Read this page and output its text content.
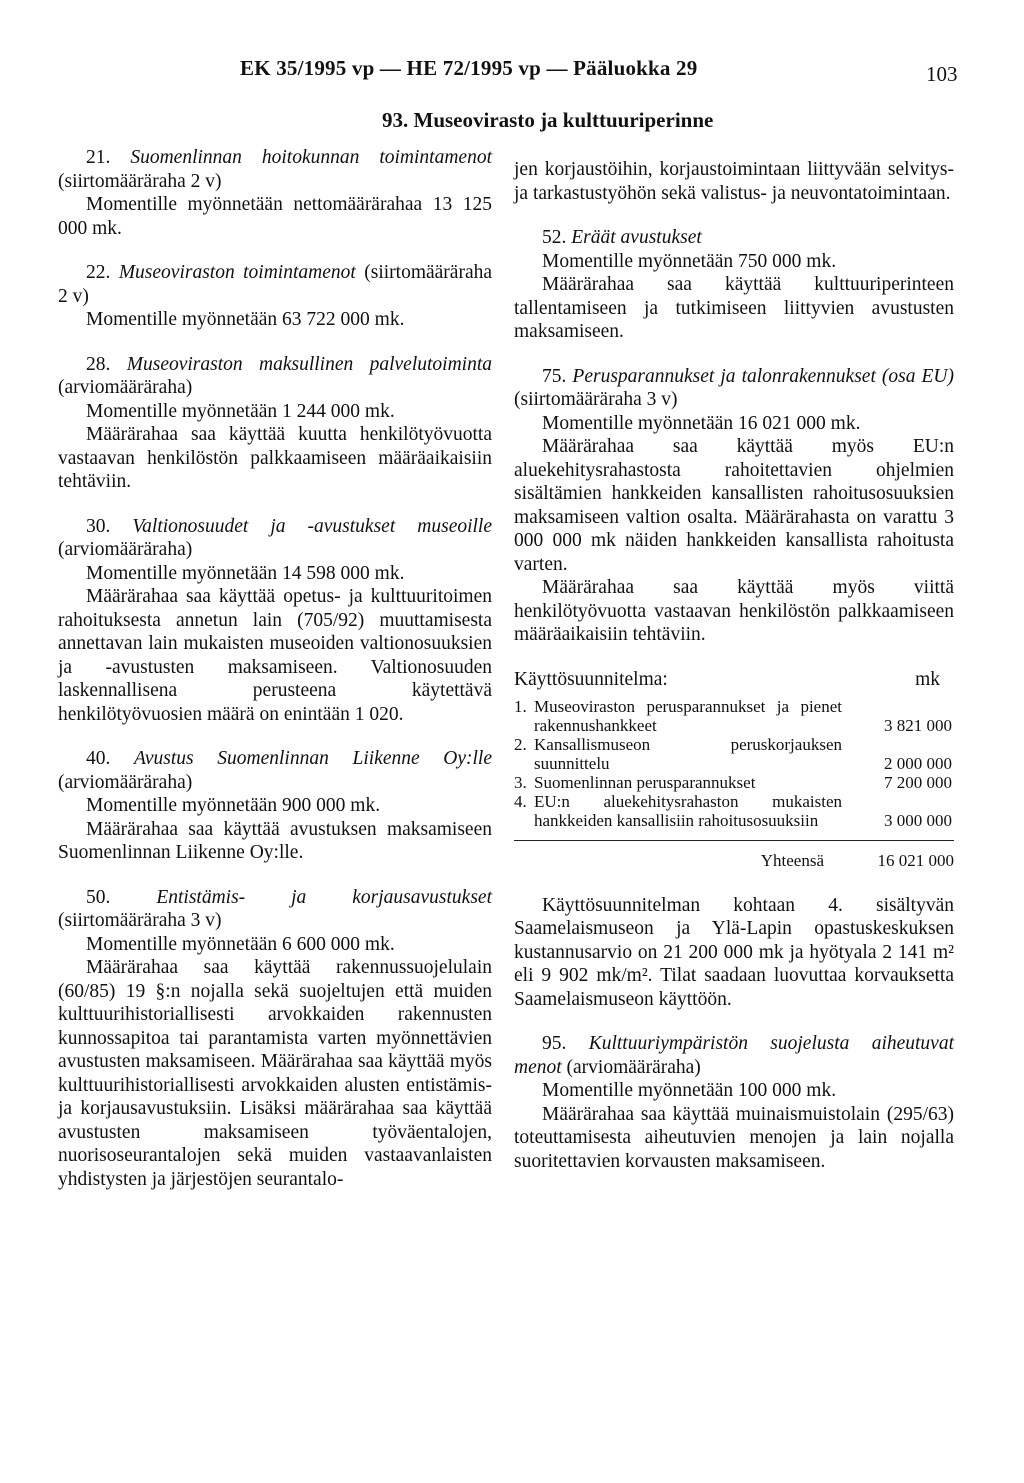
EK 35/1995 vp — HE 72/1995 vp — Pääluokka 29	103
93. Museovirasto ja kulttuuriperinne

21. Suomenlinnan hoitokunnan toimintamenot (siirtomääräraha 2 v)

Momentille myönnetään nettomäärärahaa 13 125 000 mk.

22. Museoviraston toimintamenot (siirtomääräraha 2 v)

Momentille myönnetään 63 722 000 mk.

28. Museoviraston maksullinen palvelutoiminta (arviomääräraha)

Momentille myönnetään 1 244 000 mk.

Määrärahaa saa käyttää kuutta henkilötyövuotta vastaavan henkilöstön palkkaamiseen määräaikaisiin tehtäviin.

30. Valtionosuudet ja -avustukset museoille (arviomääräraha)

Momentille myönnetään 14 598 000 mk.

Määrärahaa saa käyttää opetus- ja kulttuuritoimen rahoituksesta annetun lain (705/92) muuttamisesta annettavan lain mukaisten museoiden valtionosuuksien ja -avustusten maksamiseen. Valtionosuuden laskennallisena perusteena käytettävä henkilötyövuosien määrä on enintään 1 020.

40. Avustus Suomenlinnan Liikenne Oy:lle (arviomääräraha)

Momentille myönnetään 900 000 mk.

Määrärahaa saa käyttää avustuksen maksamiseen Suomenlinnan Liikenne Oy:lle.

50. Entistämis- ja korjausavustukset (siirtomääräraha 3 v)

Momentille myönnetään 6 600 000 mk.

Määrärahaa saa käyttää rakennussuojelulain (60/85) 19 §:n nojalla sekä suojeltujen että muiden kulttuurihistoriallisesti arvokkaiden rakennusten kunnossapitoa tai parantamista varten myönnettävien avustusten maksamiseen. Määrärahaa saa käyttää myös kulttuurihistoriallisesti arvokkaiden alusten entistämis- ja korjausavustuksiin. Lisäksi määrärahaa saa käyttää avustusten maksamiseen työväentalojen, nuorisoseurantalojen sekä muiden vastaavanlaisten yhdistysten ja järjestöjen seurantalo-

jen korjaustöihin, korjaustoimintaan liittyvään selvitys- ja tarkastustyöhön sekä valistus- ja neuvontatoimintaan.

52. Eräät avustukset

Momentille myönnetään 750 000 mk.

Määrärahaa saa käyttää kulttuuriperinteen tallentamiseen ja tutkimiseen liittyvien avustusten maksamiseen.

75. Perusparannukset ja talonrakennukset (osa EU) (siirtomääräraha 3 v)

Momentille myönnetään 16 021 000 mk.

Määrärahaa saa käyttää myös EU:n aluekehitysrahastosta rahoitettavien ohjelmien sisältämien hankkeiden kansallisten rahoitusosuuksien maksamiseen valtion osalta. Määrärahasta on varattu 3 000 000 mk näiden hankkeiden kansallista rahoitusta varten.

Määrärahaa saa käyttää myös viittä henkilötyövuotta vastaavan henkilöstön palkkaamiseen määräaikaisiin tehtäviin.

Käyttösuunnitelma:	mk
1.	Museoviraston perusparannukset ja pienet rakennushankkeet	3 821 000
2.	Kansallismuseon peruskorjauksen suunnittelu	2 000 000
3.	Suomenlinnan perusparannukset	7 200 000
4.	EU:n aluekehitysrahaston mukaisten hankkeiden kansallisiin rahoitusosuuksiin	3 000 000
Yhteensä	16 021 000

Käyttösuunnitelman kohtaan 4. sisältyvän Saamelaismuseon ja Ylä-Lapin opastuskeskuksen kustannusarvio on 21 200 000 mk ja hyötyala 2 141 m² eli 9 902 mk/m². Tilat saadaan luovuttaa korvauksetta Saamelaismuseon käyttöön.

95. Kulttuuriympäristön suojelusta aiheutuvat menot (arviomääräraha)

Momentille myönnetään 100 000 mk.

Määrärahaa saa käyttää muinaismuistolain (295/63) toteuttamisesta aiheutuvien menojen ja lain nojalla suoritettavien korvausten maksamiseen.
